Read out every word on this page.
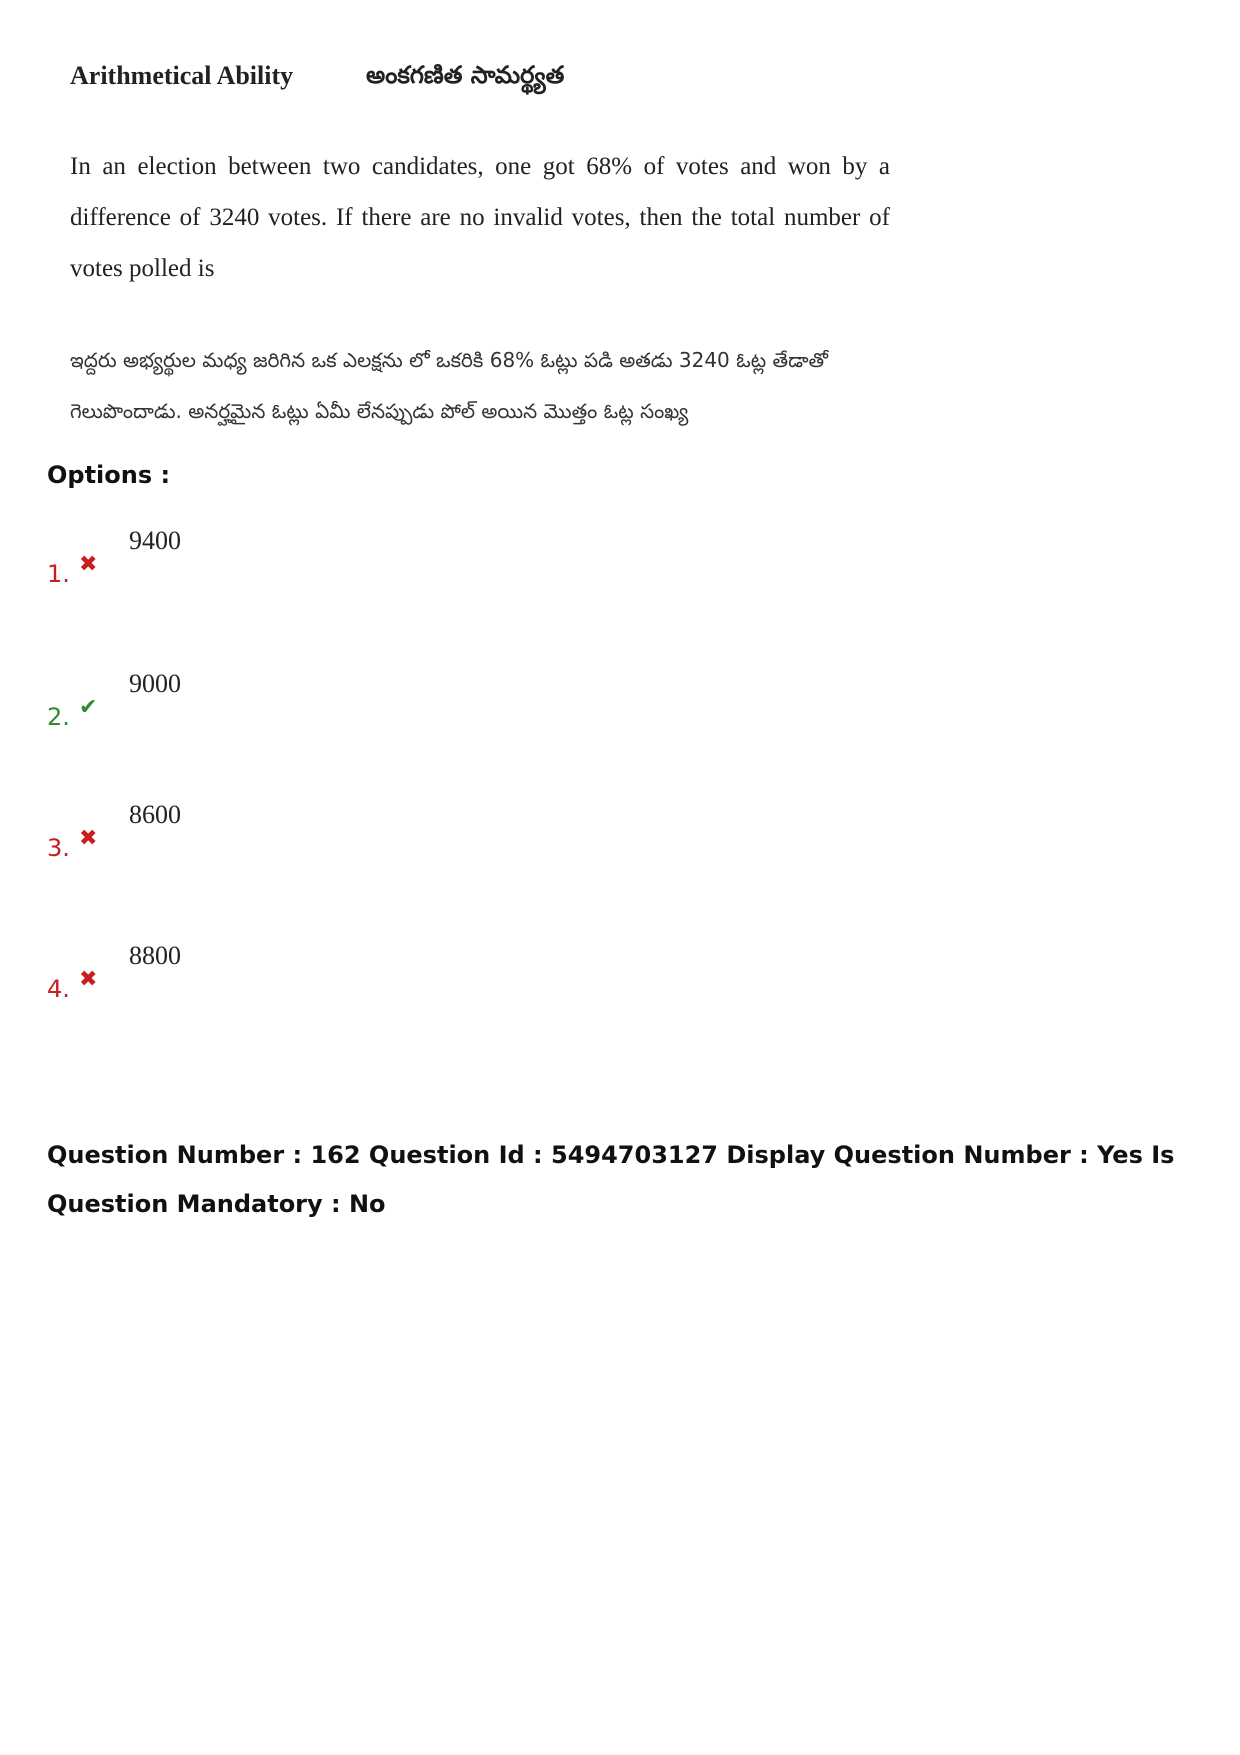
Arithmetical Ability	అంకగణిత సామర్థ్యత
In an election between two candidates, one got 68% of votes and won by a difference of 3240 votes. If there are no invalid votes, then the total number of votes polled is
ఇద్దరు అభ్యర్థుల మధ్య జరిగిన ఒక ఎలక్షను లో ఒకరికి 68% ఓట్లు పడి అతడు 3240 ఓట్ల తేడాతో గెలుపొందాడు. అనర్హమైన ఓట్లు ఏమీ లేనప్పుడు పోల్ అయిన మొత్తం ఓట్ల సంఖ్య
Options :
1. ✖
9400
2. ✔
9000
3. ✖
8600
4. ✖
8800
Question Number : 162 Question Id : 5494703127 Display Question Number : Yes Is Question Mandatory : No
